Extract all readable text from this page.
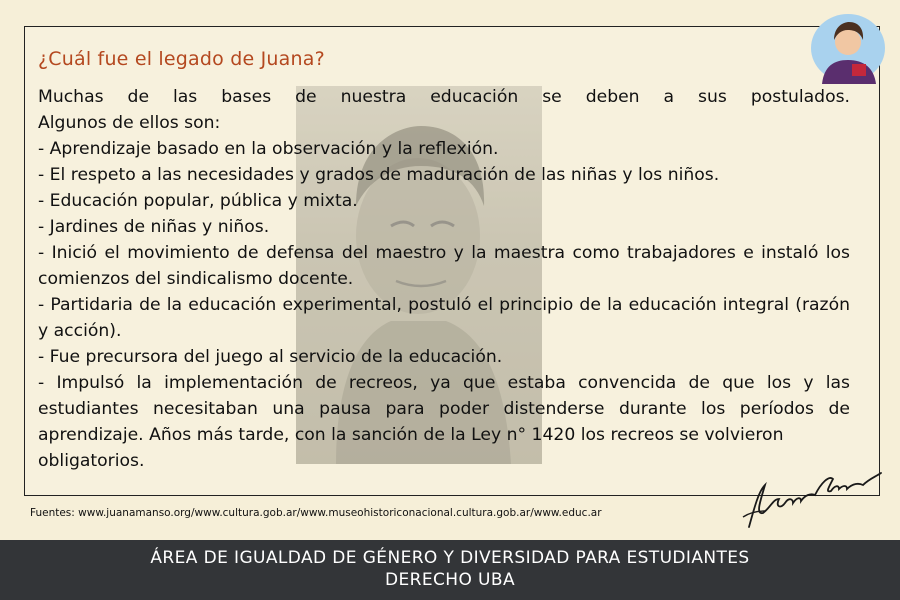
¿Cuál fue el legado de Juana?

Muchas de las bases de nuestra educación se deben a sus postulados.

Algunos de ellos son:

- Aprendizaje basado en la observación y la reflexión.

- El respeto a las necesidades y grados de maduración de las niñas y los niños.

- Educación popular, pública y mixta.

- Jardines de niñas y niños.

- Inició el movimiento de defensa del maestro y la maestra como trabajadores e instaló los comienzos del sindicalismo docente.

- Partidaria de la educación experimental, postuló el principio de la educación integral (razón y acción).

- Fue precursora del juego al servicio de la educación.

- Impulsó la implementación de recreos, ya que estaba convencida de que los y las estudiantes necesitaban una pausa para poder distenderse durante los períodos de aprendizaje. Años más tarde, con la sanción de la Ley n° 1420 los recreos se volvieron

obligatorios.

Fuentes: www.juanamanso.org/www.cultura.gob.ar/www.museohistoriconacional.cultura.gob.ar/www.educ.ar
ÁREA DE IGUALDAD DE GÉNERO Y DIVERSIDAD PARA ESTUDIANTES
DERECHO UBA
